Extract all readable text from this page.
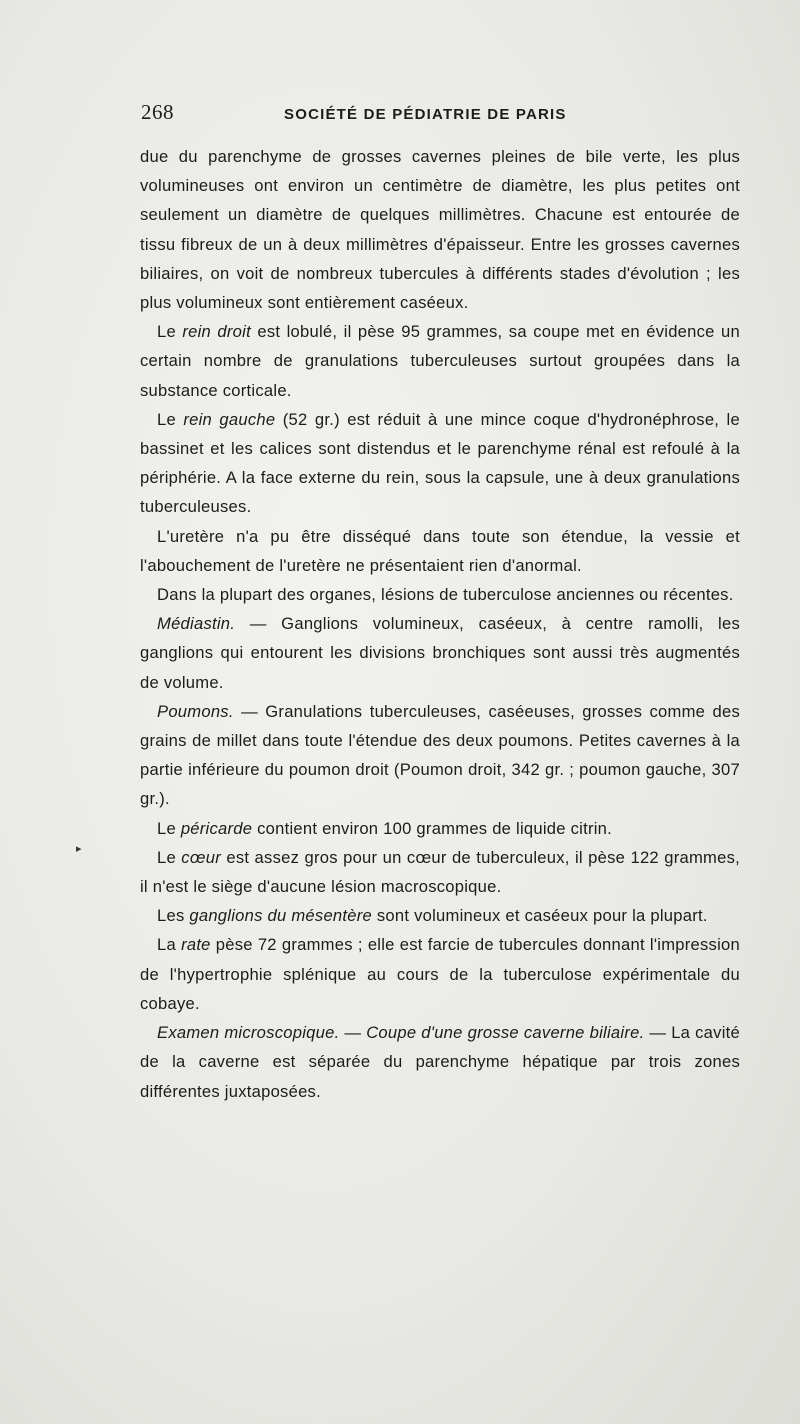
268	SOCIÉTÉ DE PÉDIATRIE DE PARIS
▸

due du parenchyme de grosses cavernes pleines de bile verte, les plus volumineuses ont environ un centimètre de diamètre, les plus petites ont seulement un diamètre de quelques millimètres. Chacune est entourée de tissu fibreux de un à deux millimètres d'épaisseur. Entre les grosses cavernes biliaires, on voit de nombreux tubercules à différents stades d'évolution ; les plus volumineux sont entièrement caséeux.

Le rein droit est lobulé, il pèse 95 grammes, sa coupe met en évidence un certain nombre de granulations tuberculeuses surtout groupées dans la substance corticale.

Le rein gauche (52 gr.) est réduit à une mince coque d'hydronéphrose, le bassinet et les calices sont distendus et le parenchyme rénal est refoulé à la périphérie. A la face externe du rein, sous la capsule, une à deux granulations tuberculeuses.

L'uretère n'a pu être disséqué dans toute son étendue, la vessie et l'abouchement de l'uretère ne présentaient rien d'anormal.

Dans la plupart des organes, lésions de tuberculose anciennes ou récentes.

Médiastin. — Ganglions volumineux, caséeux, à centre ramolli, les ganglions qui entourent les divisions bronchiques sont aussi très augmentés de volume.

Poumons. — Granulations tuberculeuses, caséeuses, grosses comme des grains de millet dans toute l'étendue des deux poumons. Petites cavernes à la partie inférieure du poumon droit (Poumon droit, 342 gr. ; poumon gauche, 307 gr.).

Le péricarde contient environ 100 grammes de liquide citrin.

Le cœur est assez gros pour un cœur de tuberculeux, il pèse 122 grammes, il n'est le siège d'aucune lésion macroscopique.

Les ganglions du mésentère sont volumineux et caséeux pour la plupart.

La rate pèse 72 grammes ; elle est farcie de tubercules donnant l'impression de l'hypertrophie splénique au cours de la tuberculose expérimentale du cobaye.

Examen microscopique. — Coupe d'une grosse caverne biliaire. — La cavité de la caverne est séparée du parenchyme hépatique par trois zones différentes juxtaposées.
